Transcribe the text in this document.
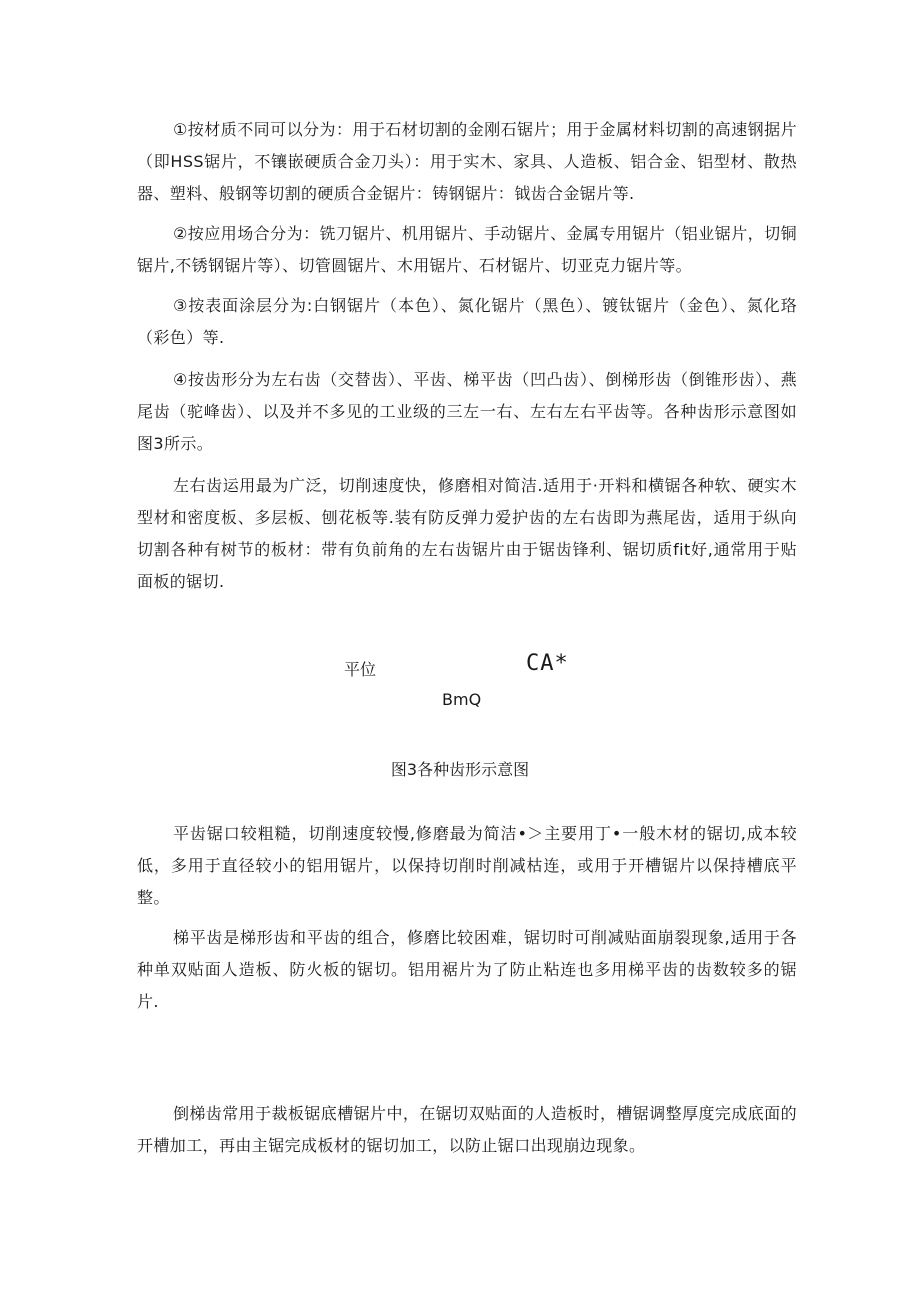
①按材质不同可以分为：用于石材切割的金刚石锯片；用于金属材料切割的高速钢据片（即HSS锯片，不镶嵌硬质合金刀头）：用于实木、家具、人造板、铝合金、铝型材、散热器、塑料、般钢等切割的硬质合金锯片：铸钢锯片：钺齿合金锯片等.

②按应用场合分为：铣刀锯片、机用锯片、手动锯片、金属专用锯片（铝业锯片，切铜锯片,不锈钢锯片等）、切管圆锯片、木用锯片、石材锯片、切亚克力锯片等。

③按表面涂层分为:白钢锯片（本色）、氮化锯片（黑色）、镀钛锯片（金色）、氮化珞（彩色）等.

④按齿形分为左右齿（交替齿）、平齿、梯平齿（凹凸齿）、倒梯形齿（倒锥形齿）、燕尾齿（驼峰齿）、以及并不多见的工业级的三左一右、左右左右平齿等。各种齿形示意图如图3所示。

左右齿运用最为广泛，切削速度快，修磨相对简洁.适用于·开料和横锯各种软、硬实木型材和密度板、多层板、刨花板等.装有防反弹力爱护齿的左右齿即为燕尾齿，适用于纵向切割各种有树节的板材：带有负前角的左右齿锯片由于锯齿锋利、锯切质fit好,通常用于贴面板的锯切.

平位	CA*
BmQ
图3各种齿形示意图

平齿锯口较粗糙，切削速度较慢,修磨最为简洁•＞主要用丁•一般木材的锯切,成本较低，多用于直径较小的铝用锯片，以保持切削时削减枯连，或用于开槽锯片以保持槽底平整。

梯平齿是梯形齿和平齿的组合，修磨比较困难，锯切时可削减贴面崩裂现象,适用于各种单双贴面人造板、防火板的锯切。铝用裾片为了防止粘连也多用梯平齿的齿数较多的锯片.

倒梯齿常用于裁板锯底槽锯片中，在锯切双贴面的人造板时，槽锯调整厚度完成底面的开槽加工，再由主锯完成板材的锯切加工，以防止锯口出现崩边现象。
